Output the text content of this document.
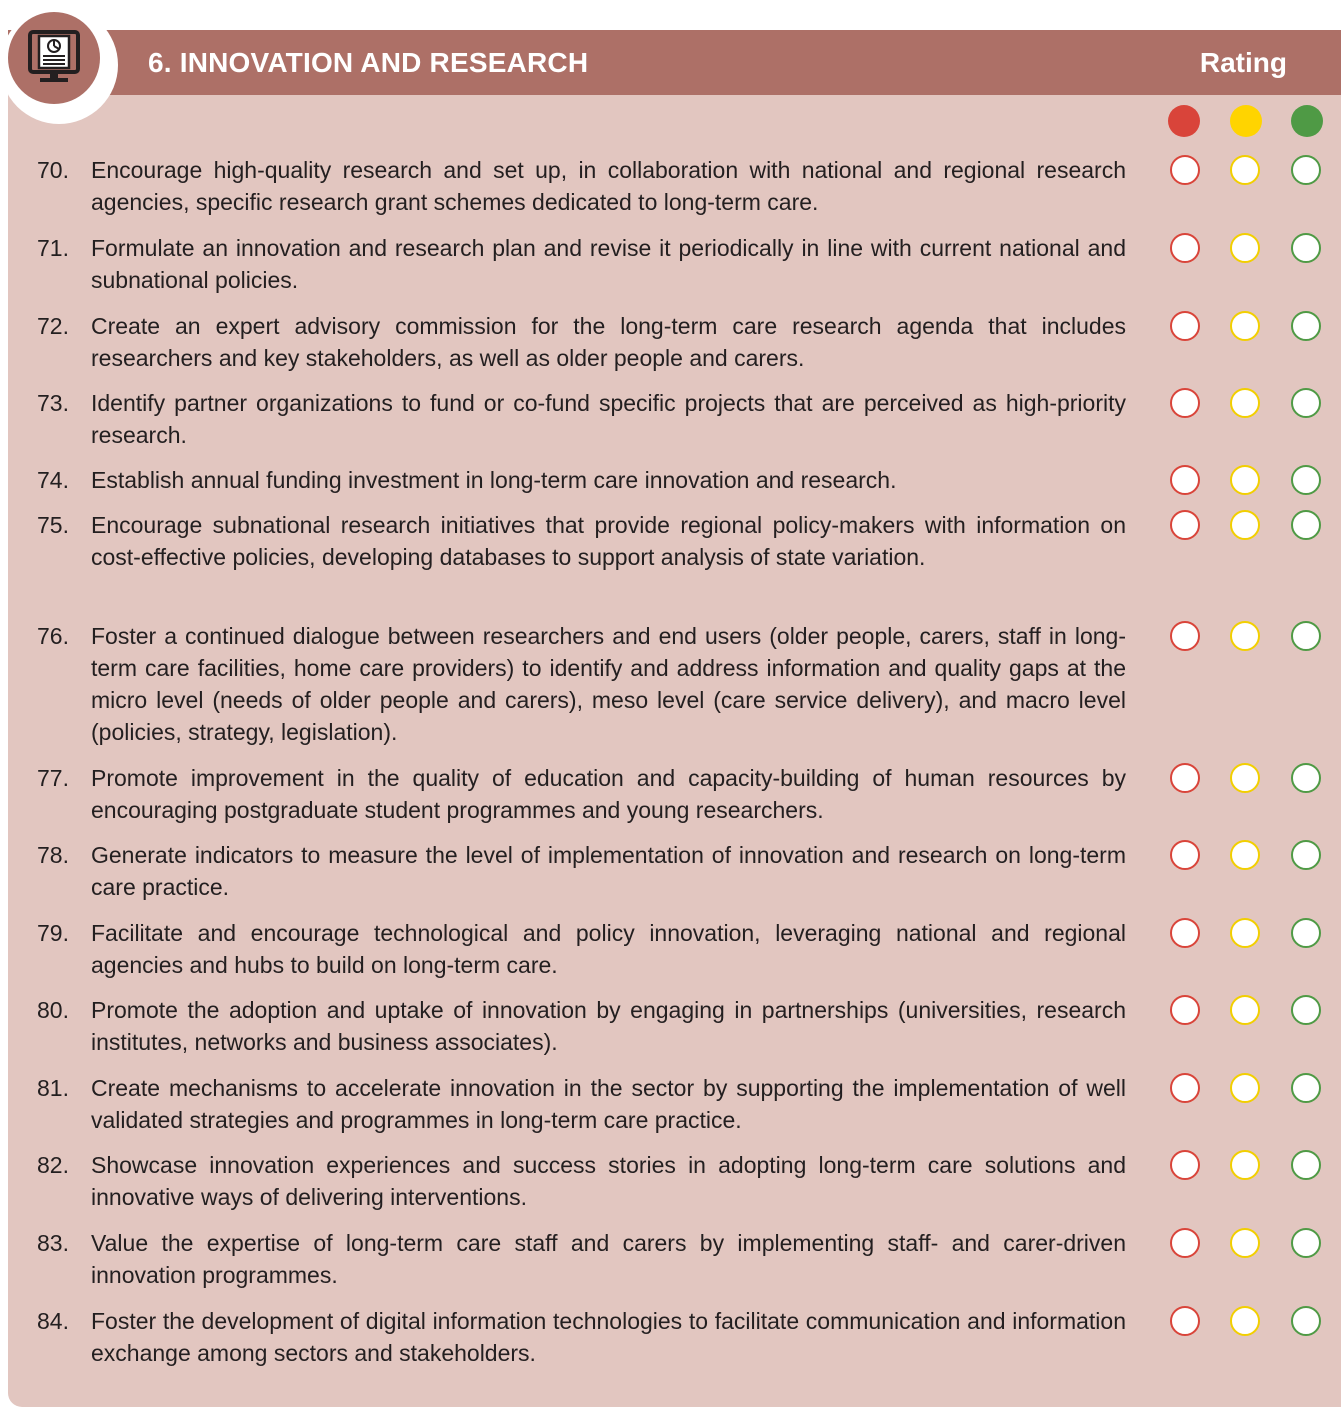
6. INNOVATION AND RESEARCH	Rating
70. Encourage high-quality research and set up, in collaboration with national and regional research agencies, specific research grant schemes dedicated to long-term care.
71. Formulate an innovation and research plan and revise it periodically in line with current national and subnational policies.
72. Create an expert advisory commission for the long-term care research agenda that includes researchers and key stakeholders, as well as older people and carers.
73. Identify partner organizations to fund or co-fund specific projects that are perceived as high-priority research.
74. Establish annual funding investment in long-term care innovation and research.
75. Encourage subnational research initiatives that provide regional policy-makers with information on cost-effective policies, developing databases to support analysis of state variation.
76. Foster a continued dialogue between researchers and end users (older people, carers, staff in long-term care facilities, home care providers) to identify and address information and quality gaps at the micro level (needs of older people and carers), meso level (care service delivery), and macro level (policies, strategy, legislation).
77. Promote improvement in the quality of education and capacity-building of human resources by encouraging postgraduate student programmes and young researchers.
78. Generate indicators to measure the level of implementation of innovation and research on long-term care practice.
79. Facilitate and encourage technological and policy innovation, leveraging national and regional agencies and hubs to build on long-term care.
80. Promote the adoption and uptake of innovation by engaging in partnerships (universities, research institutes, networks and business associates).
81. Create mechanisms to accelerate innovation in the sector by supporting the implementation of well validated strategies and programmes in long-term care practice.
82. Showcase innovation experiences and success stories in adopting long-term care solutions and innovative ways of delivering interventions.
83. Value the expertise of long-term care staff and carers by implementing staff- and carer-driven innovation programmes.
84. Foster the development of digital information technologies to facilitate communication and information exchange among sectors and stakeholders.
